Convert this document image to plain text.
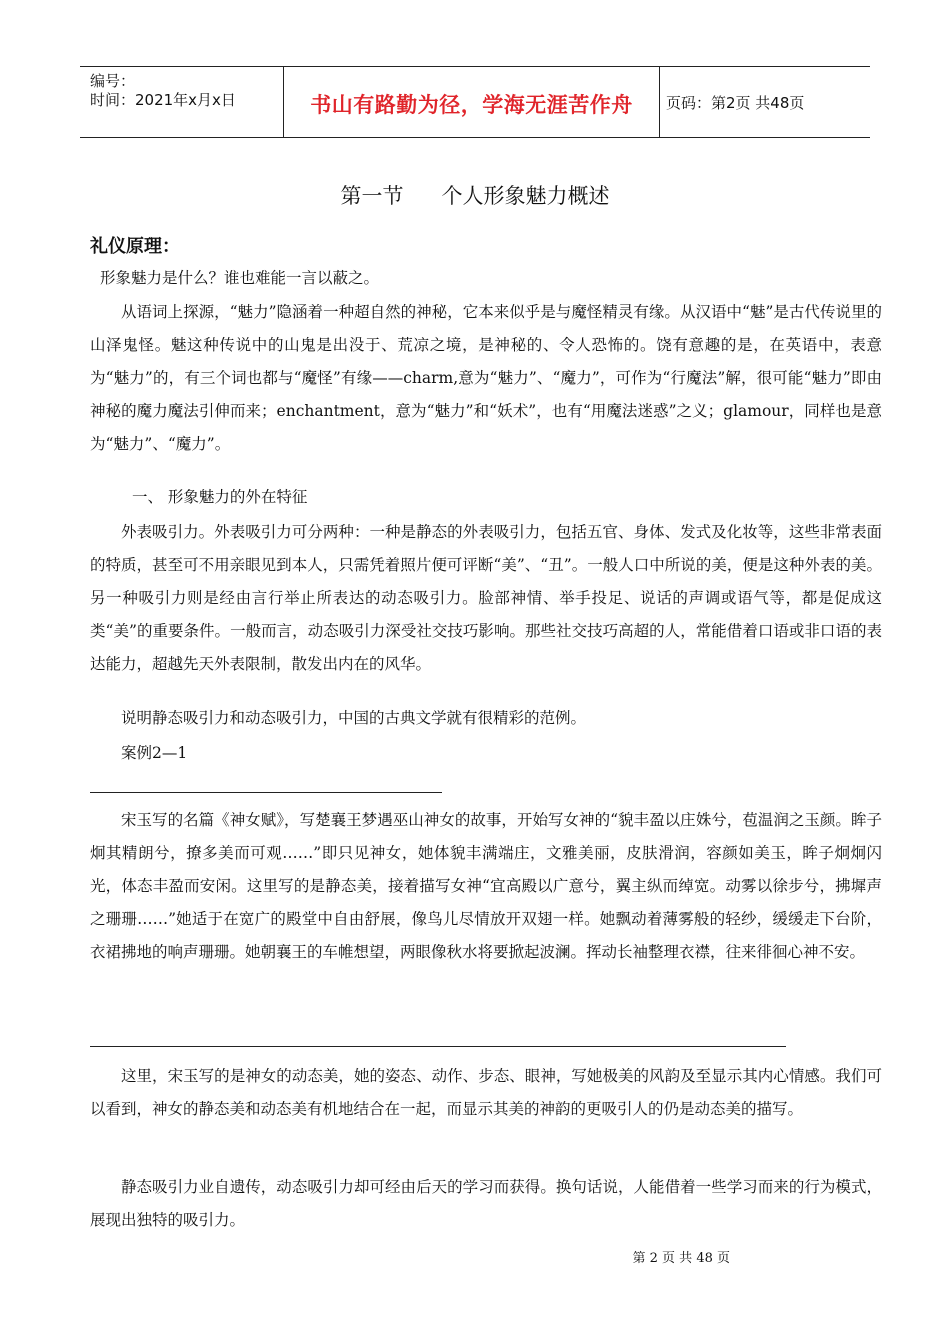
编号：
时间：2021年x月x日	书山有路勤为径，学海无涯苦作舟	页码：第2页 共48页
第一节 个人形象魅力概述
礼仪原理：

形象魅力是什么？谁也难能一言以蔽之。

从语词上探源，“魅力”隐涵着一种超自然的神秘，它本来似乎是与魔怪精灵有缘。从汉语中“魅”是古代传说里的山泽鬼怪。魅这种传说中的山鬼是出没于、荒凉之境，是神秘的、令人恐怖的。饶有意趣的是，在英语中，表意为“魅力”的，有三个词也都与“魔怪”有缘——charm,意为“魅力”、“魔力”，可作为“行魔法”解，很可能“魅力”即由神秘的魔力魔法引伸而来；enchantment，意为“魅力”和“妖术”，也有“用魔法迷惑”之义；glamour，同样也是意为“魅力”、“魔力”。

一、 形象魅力的外在特征

外表吸引力。外表吸引力可分两种：一种是静态的外表吸引力，包括五官、身体、发式及化妆等，这些非常表面的特质，甚至可不用亲眼见到本人，只需凭着照片便可评断“美”、“丑”。一般人口中所说的美，便是这种外表的美。另一种吸引力则是经由言行举止所表达的动态吸引力。脸部神情、举手投足、说话的声调或语气等，都是促成这类“美”的重要条件。一般而言，动态吸引力深受社交技巧影响。那些社交技巧高超的人，常能借着口语或非口语的表达能力，超越先天外表限制，散发出内在的风华。

说明静态吸引力和动态吸引力，中国的古典文学就有很精彩的范例。

案例2—1

宋玉写的名篇《神女赋》，写楚襄王梦遇巫山神女的故事，开始写女神的“貌丰盈以庄姝兮，苞温润之玉颜。眸子炯其精朗兮，撩多美而可观……”即只见神女，她体貌丰满端庄，文雅美丽，皮肤滑润，容颜如美玉，眸子炯炯闪光，体态丰盈而安闲。这里写的是静态美，接着描写女神“宜高殿以广意兮，翼主纵而绰宽。动雾以徐步兮，拂墀声之珊珊……”她适于在宽广的殿堂中自由舒展，像鸟儿尽情放开双翅一样。她飘动着薄雾般的轻纱，缓缓走下台阶，衣裙拂地的响声珊珊。她朝襄王的车帷想望，两眼像秋水将要掀起波澜。挥动长袖整理衣襟，往来徘徊心神不安。

这里，宋玉写的是神女的动态美，她的姿态、动作、步态、眼神，写她极美的风韵及至显示其内心情感。我们可以看到，神女的静态美和动态美有机地结合在一起，而显示其美的神韵的更吸引人的仍是动态美的描写。

静态吸引力业自遗传，动态吸引力却可经由后天的学习而获得。换句话说，人能借着一些学习而来的行为模式，展现出独特的吸引力。

第 2 页 共 48 页
